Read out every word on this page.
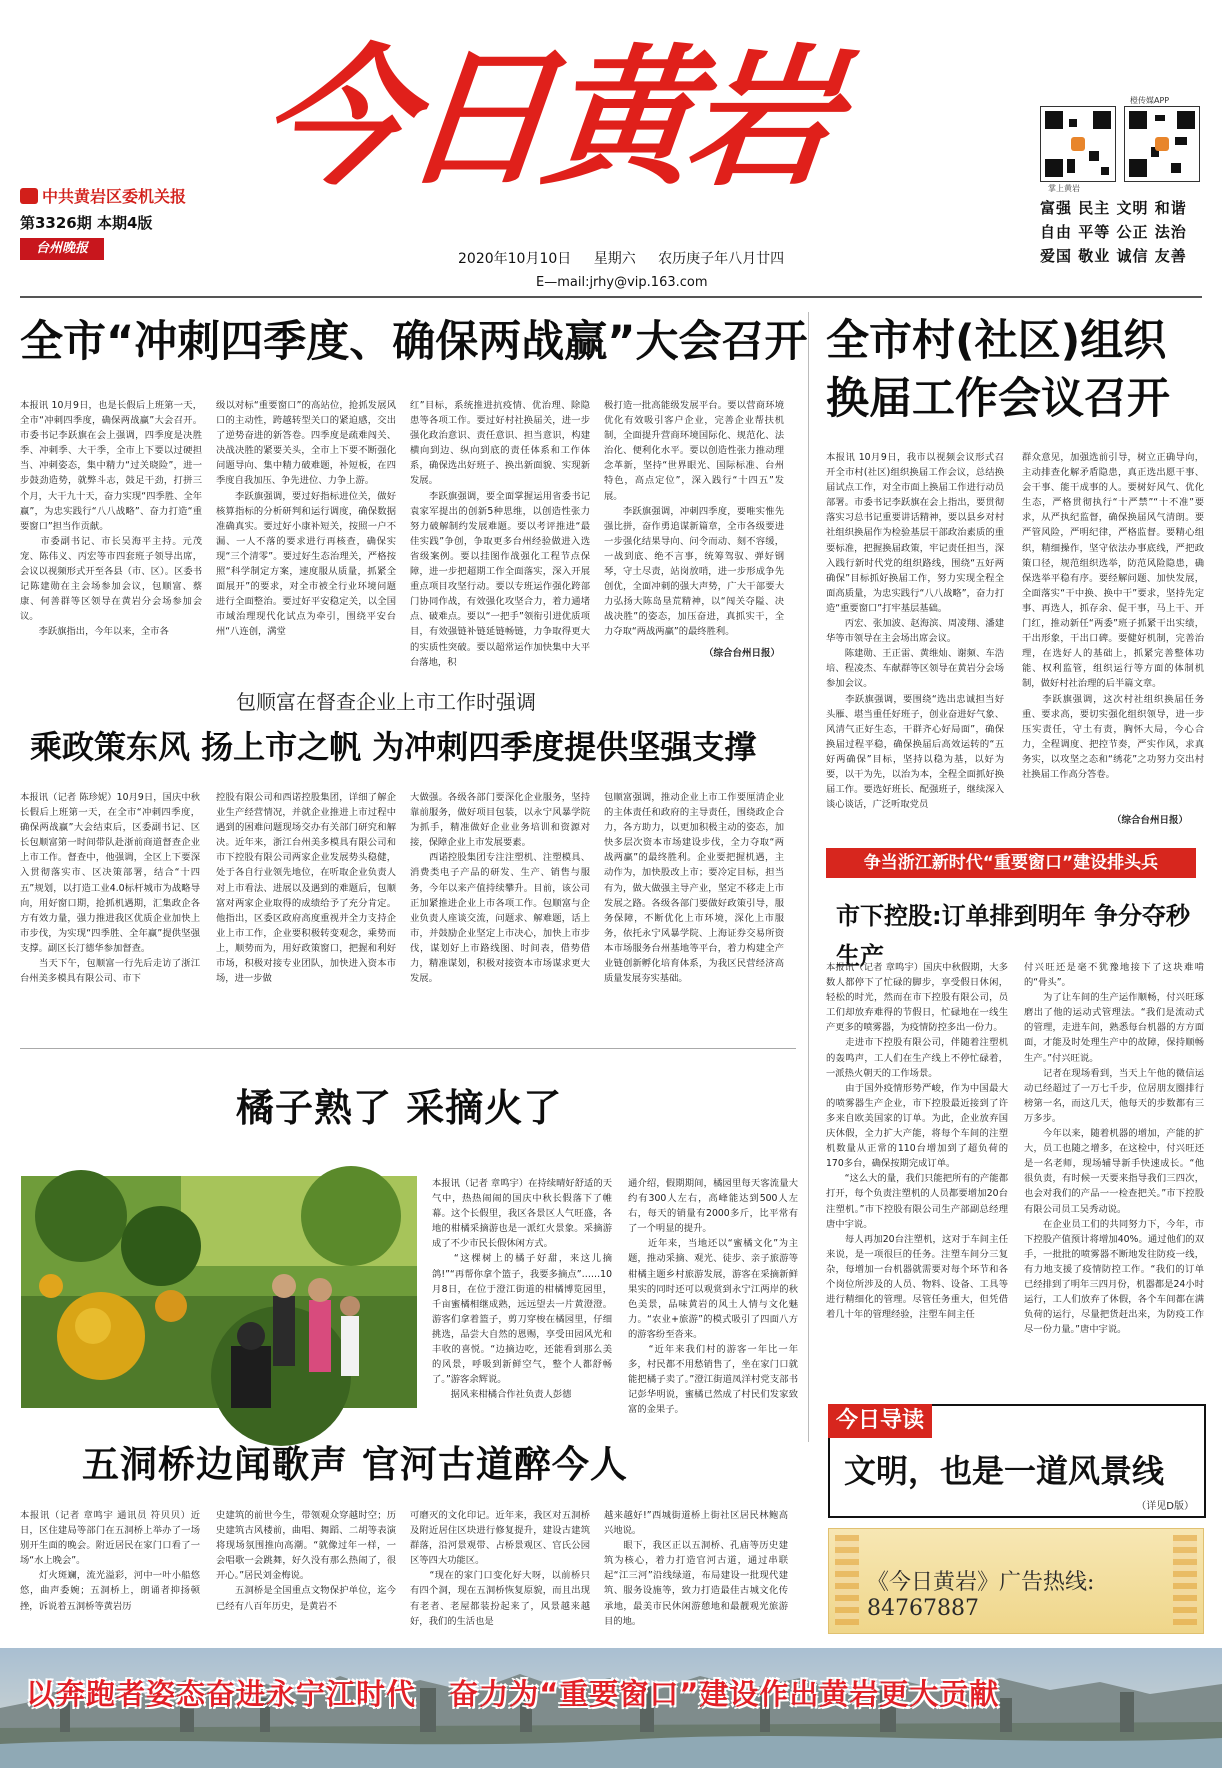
今日黄岩
中共黄岩区委机关报
第3326期 本期4版
台州晚报
2020年10月10日 星期六 农历庚子年八月廿四
E—mail:jrhy@vip.163.com
掌上黄岩
橙传媒APP
富强 民主 文明 和谐
自由 平等 公正 法治
爱国 敬业 诚信 友善
全市“冲刺四季度、确保两战赢”大会召开
本报讯 10月9日，也是长假后上班第一天，全市“冲刺四季度，确保两战赢”大会召开。市委书记李跃旗在会上强调，四季度是决胜季、冲刺季、大干季，全市上下要以过硬担当、冲刺姿态，集中精力“过关晓险”，进一步鼓劲造势，就弊斗志，鼓足干劲，打拼三个月，大干九十天，奋力实现“四季胜、全年赢”，为忠实践行“八八战略”、奋力打造“重要窗口”担当作贡献。
　　市委副书记、市长吴海平主持。元茂宠、陈伟义、丙宏等市四套班子领导出席，会议以视频形式开至各县（市、区）。区委书记陈建勋在主会场参加会议，包顺富、蔡康、何善群等区领导在黄岩分会场参加会议。
　　李跃旗指出，今年以来，全市各
级以对标“重要窗口”的高站位，抢抓发展风口的主动性，跨越转型关口的紧迫感，交出了逆势奋进的新答卷。四季度是疏难闯关、决战决胜的紧要关头，全市上下要不断强化问题导向、集中精力破难题，补短板，在四季度自我加压、争先进位、力争上游。
　　李跃旗强调，要过好指标进位关，做好核算指标的分析研判和运行调度，确保数据准确真实。要过好小康补短关，按照一户不漏、一人不落的要求进行再核查，确保实现“三个清零”。要过好生态治理关，严格按照“科学制定方案，速度服从质量，抓紧全面展开”的要求，对全市被全行业环境问题进行全面整治。要过好平安稳定关，以全国市域治理现代化试点为牵引，围绕平安台州“八连创，满堂
红”目标，系统推进抗疫情、优治理、除隐患等各项工作。要过好村社换届关，进一步强化政治意识、责任意识、担当意识，构建横向到边、纵向到底的责任体系和工作体系，确保选出好班子、换出新面貌、实现新发展。
　　李跃旗强调，要全面掌握运用省委书记袁家军提出的创新5种思维，以创造性张力努力破解制约发展难题。要以考评推进“最佳实践”争创，争取更多台州经验做进入选省级案例。要以挂图作战强化工程节点保障，进一步把超期工作全面落实，深入开展重点项目攻坚行动。要以专班运作强化跨部门协同作战，有效强化攻坚合力，着力通堵点、破难点。要以“一把手”领衔引进优质项目，有效强链补链延链畅链，力争取得更大的实质性突破。要以超常运作加快集中大平台落地，积
极打造一批高能级发展平台。要以营商环境优化有效吸引客户企业，完善企业帮扶机制，全面提升营商环境国际化、规范化、法治化、便利化水平。要以创造性张力推动理念革新，坚持“世界眼光、国际标准、台州特色，高点定位”，深入践行“十四五”发展。
　　李跃旗强调，冲刺四季度，要唯实惟先强比拼，奋作勇追谋新篇章，全市各级要进一步强化结果导向、问令而动、刻不容缓，一战到底、绝不言事，统筹驾驭、弹好钢琴，守土尽责，站岗放哨，进一步形成争先创优，全面冲刺的强大声势，广大干部要大力弘扬大陈岛垦荒精神，以“闯关夺隘、决战决胜”的姿态，加压奋进，真抓实干，全力夺取“两战两赢”的最终胜利。
（综合台州日报）
全市村(社区)组织换届工作会议召开
本报讯 10月9日，我市以视频会议形式召开全市村(社区)组织换届工作会议，总结换届试点工作，对全市面上换届工作进行动员部署。市委书记李跃旗在会上指出，要贯彻落实习总书记重要讲话精神，要以县乡对村社组织换届作为检验基层干部政治素质的重要标准，把握换届政策，牢记责任担当，深入践行新时代党的组织路线，围绕“五好两确保”目标抓好换届工作，努力实现全程全面高质量，为忠实践行“八八战略”，奋力打造“重要窗口”打牢基层基础。
　　丙宏、张加波、赵海滨、周凌翔、潘建华等市领导在主会场出席会议。
　　陈建勋、王正雷、黄维灿、谢频、车浩培、程凌杰、车献群等区领导在黄岩分会场参加会议。
　　李跃旗强调，要围绕“选出忠诚担当好头雁、堪当重任好班子，创业奋进好气象、风清气正好生态，干群齐心好局面”，确保换届过程平稳，确保换届后高效运转的“五好两确保”目标，坚持以稳为基，以好为要，以干为先，以治为本，全程全面抓好换届工作。要选好班长、配强班子，继续深入谈心谈话，广泛听取党员
群众意见，加强选前引导，树立正确导向，主动排查化解矛盾隐患，真正选出愿干事、会干事、能干成事的人。要树好风气、优化生态，严格贯彻执行“十严禁”“十不准”要求，从严执纪监督，确保换届风气清朗。要严管风险，严明纪律，严格监督。要精心组织，精细操作，坚守依法办事底线，严把政策口径，规范组织选举，防范风险隐患，确保选举平稳有序。要经解问题、加快发展，全面落实“干中换、换中干”要求，坚持先定事、再选人，抓存余、促干事，马上干、开门红，推动新任“两委”班子抓紧干出实绩，干出形象，干出口碑。要健好机制，完善治理，在选好人的基础上，抓紧完善整体功能、权利监管，组织运行等方面的体制机制，做好村社治理的后半篇文章。
　　李跃旗强调，这次村社组织换届任务重、要求高，要切实强化组织领导，进一步压实责任，守土有责，胸怀大局，今心合力，全程调度、把控节奏，严实作风，求真务实，以攻坚之态和“绣花”之功努力交出村社换届工作高分答卷。
（综合台州日报）
包顺富在督查企业上市工作时强调
乘政策东风 扬上市之帆 为冲刺四季度提供坚强支撑
本报讯（记者 陈珍妮）10月9日，国庆中秋长假后上班第一天，在全市“冲刺四季度，确保两战赢”大会结束后，区委副书记、区长包顺富第一时间带队赴浙前商道督查企业上市工作。督查中，他强调，全区上下要深入贯彻落实市、区决策部署，结合“十四五”规划，以打造工业4.0标杆城市为战略导向，用好窗口期，抢抓机遇期，汇集政企各方有效力量，强力推进我区优质企业加快上市步伐，为实现“四季胜、全年赢”提供坚强支撑。副区长汀德华参加督查。
　　当天下午，包顺富一行先后走访了浙江台州美多模具有限公司、市下
控股有限公司和西诺控股集团，详细了解企业生产经营情况，并就企业推进上市过程中遇到的困难问题现场交办有关部门研究和解决。近年来，浙江台州美多模具有限公司和市下控股有限公司两家企业发展势头稳健，处于各自行业领先地位，在听取企业负责人对上市看法、进展以及遇到的难题后，包顺富对两家企业取得的成绩给予了充分肯定。他指出，区委区政府高度重视并全力支持企业上市工作，企业要积极转变观念，乘势而上，顺势而为，用好政策窗口，把握和利好市场，积极对接专业团队，加快进入资本市场，进一步做
大做强。各级各部门要深化企业服务，坚持靠前服务，做好项目包装，以永宁风暴学院为抓手，精准做好企业业务培训和资源对接，保障企业上市发展要素。
　　西诺控股集团专注注塑机、注塑模具、消费类电子产品的研发、生产、销售与服务，今年以来产值持续攀升。目前，该公司正加紧推进企业上市各项工作。包顺富与企业负责人座谈交流，问题求、解难题，话上市，并鼓励企业坚定上市决心，加快上市步伐，谋划好上市路线图、时间表，借势借力，精准谋划，积极对接资本市场谋求更大发展。
包顺富强调，推动企业上市工作要厘清企业的主体责任和政府的主导责任，围绕政企合力，各方助力，以更加积极主动的姿态，加快多层次资本市场建设步伐，全力夺取“两战两赢”的最终胜利。企业要把握机遇，主动作为，加快股改上市；要冷定目标，担当有为，做大做强主导产业，坚定不移走上市发展之路。各级各部门要做好政策引导，服务保障，不断优化上市环境，深化上市服务，依托永宁风暴学院、上海证券交易所资本市场服务台州基地等平台，着力构建全产业链创新孵化培育体系，为我区民营经济高质量发展夯实基础。
争当浙江新时代“重要窗口”建设排头兵
市下控股:订单排到明年 争分夺秒生产
本报讯（记者 章鸣宇）国庆中秋假期，大多数人都停下了忙碌的脚步，享受假日休闲，轻松的时光，然而在市下控股有限公司，员工们却放弃难得的节假日，忙碌地在一线生产更多的喷雾器，为疫情防控多出一份力。
　　走进市下控股有限公司，伴随着注塑机的轰鸣声，工人们在生产线上不停忙碌着，一派热火朝天的工作场景。
　　由于国外疫情形势严峻，作为中国最大的喷雾器生产企业，市下控股最近接到了许多来自欧美国家的订单。为此，企业放弃国庆休假，全力扩大产能，将每个车间的注塑机数量从正常的110台增加到了超负荷的170多台，确保按期完成订单。
　　“这么大的量，我们只能把所有的产能都打开，每个负责注塑机的人员都要增加20台注塑机。”市下控股有限公司生产部副总经理唐中宇说。
　　每人再加20台注塑机，这对于车间主任来说，是一项很巨的任务。注塑车间分三复杂，每增加一台机器就需要对每个环节和各个岗位所涉及的人员、物料、设备、工具等进行精细化的管理。尽管任务重大，但凭借着几十年的管理经验，注塑车间主任
付兴旺还是毫不犹豫地接下了这块难啃的“骨头”。
　　为了让车间的生产运作顺畅，付兴旺琢磨出了他的运动式管理法。“我们是流动式的管理，走进车间，熟悉每台机器的方方面面，才能及时处理生产中的故障，保持顺畅生产。”付兴旺说。
　　记者在现场看到，当天上午他的微信运动已经超过了一万七千步，位居朋友圈排行榜第一名，而这几天，他每天的步数都有三万多步。
　　今年以来，随着机器的增加，产能的扩大，员工也随之增多，在这检中，付兴旺还是一名老师，现场辅导新手快速成长。“他很负责，有时候一天要来指导我们三四次，也会对我们的产品一一检查把关。”市下控股有限公司员工吴秀动说。
　　在企业员工们的共同努力下，今年，市下控股产值预计将增加40%。通过他们的双手，一批批的喷雾器不断地发往防疫一线，有力地支援了疫情防控工作。“我们的订单已经排到了明年三四月份，机器都是24小时运行，工人们放弃了休假，各个车间都在满负荷的运行，尽量把货赶出来，为防疫工作尽一份力量。”唐中宇说。
橘子熟了 采摘火了
本报讯（记者 章鸣宇）在持续晴好舒适的天气中，热热闹闹的国庆中秋长假落下了帷幕。这个长假里，我区各景区人气旺盛，各地的柑橘采摘游也是一派红火景象。采摘游成了不少市民长假休闲方式。
　　“这棵树上的橘子好甜，来这儿摘鸽!”“再帮你拿个篮子，我要多摘点”……10月8日，在位于澄江街道的柑橘博览园里，千亩蜜橘相继成熟，远远望去一片黄澄澄。游客们拿着篮子，剪刀穿梭在橘园里，仔细挑选，品尝大自然的恩赐，享受田园风光和丰收的喜悦。“边摘边吃，还能看到那么美的风景，呼吸到新鲜空气，整个人都舒畅了。”游客余辉说。
　　据风来柑橘合作社负责人彭德
通介绍，假期期间，橘园里每天客流量大约有300人左右，高峰能达到500人左右，每天的销量有2000多斤，比平常有了一个明显的提升。
　　近年来，当地还以“蜜橘文化”为主题，推动采摘、观光、徒步、亲子旅游等柑橘主题乡村旅游发展，游客在采摘新鲜果实的同时还可以观赏到永宁江两岸的秋色美景，品味黄岩的风土人情与文化魅力。“农业+旅游”的模式吸引了四面八方的游客纷至沓来。
　　“近年来我们村的游客一年比一年多，村民都不用愁销售了，坐在家门口就能把橘子卖了。”澄江街道凤洋村党支部书记彭华明说，蜜橘已然成了村民们发家致富的金果子。
五洞桥边闻歌声 官河古道醉今人
本报讯（记者 章鸣宇 通讯员 符贝贝）近日，区住建局等部门在五洞桥上举办了一场别开生面的晚会。附近居民在家门口看了一场“水上晚会”。
　　灯火斑斓，流光溢彩，河中一叶小船悠悠，曲声委婉；五洞桥上，朗诵者抑扬顿挫，诉说着五洞桥等黄岩历
史建筑的前世今生，带领观众穿越时空；历史建筑古风楼前，曲唱、舞蹈、二胡等表演将现场氛围推向高潮。“就像过年一样，一会唱歌一会跳舞，好久没有那么热闹了，很开心。”居民刘金梅说。
　　五洞桥是全国重点文物保护单位，迄今已经有八百年历史，是黄岩不
可磨灭的文化印记。近年来，我区对五洞桥及附近居住区块进行修复提升，建设古建筑群落，沿河景观带、占桥景观区、官氏公园区等四大功能区。
　　“现在的家门口变化好大呀，以前桥只有四个洞，现在五洞桥恢复原貌，而且出现有老者、老屋都装扮起来了，风景越来越好，我们的生活也是
越来越好!”西城街道桥上街社区居民林鲍高兴地说。
　　眼下，我区正以五洞桥、孔庙等历史建筑为核心，着力打造官河古道，通过串联起“江三河”沿线绿道，布局建设一批现代建筑、服务设施等，致力打造最佳古城文化传承地，最美市民休闲游憩地和最靓观光旅游目的地。
今日导读
文明，也是一道风景线
（详见D版）
《今日黄岩》广告热线: 84767887
以奔跑者姿态奋进永宁江时代   奋力为“重要窗口”建设作出黄岩更大贡献
